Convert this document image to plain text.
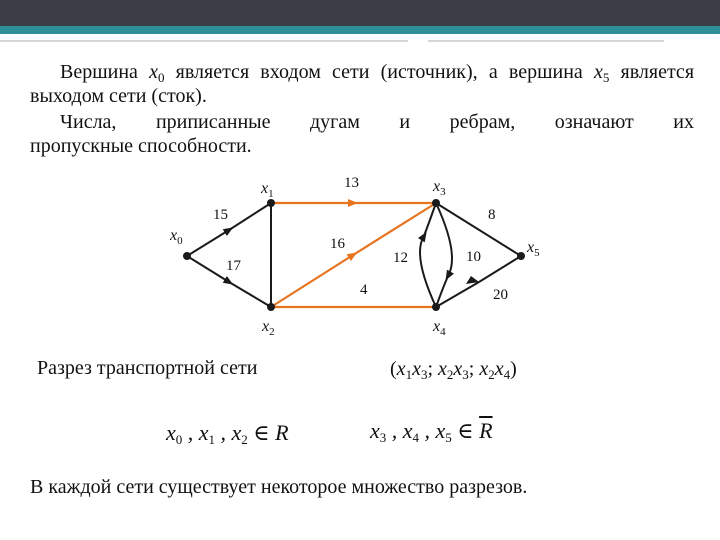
Вершина $x_0$ является входом сети (источник), а вершина $x_5$ является выходом сети (сток).
Числа, приписанные дугам и ребрам, означают их
пропускные способности.
$x_0$
$x_1$
$x_2$
$x_3$
$x_4$
$x_5$
15
17
13
16
4
12	10
8
20
Разрез транспортной сети	($x_1x_3$; $x_2x_3$; $x_2x_4$)
$x_0$ , $x_1$ , $x_2$ ∈ R	$x_3$ , $x_4$ , $x_5$ ∈ $\overline{R}$
В каждой сети существует некоторое множество разрезов.
